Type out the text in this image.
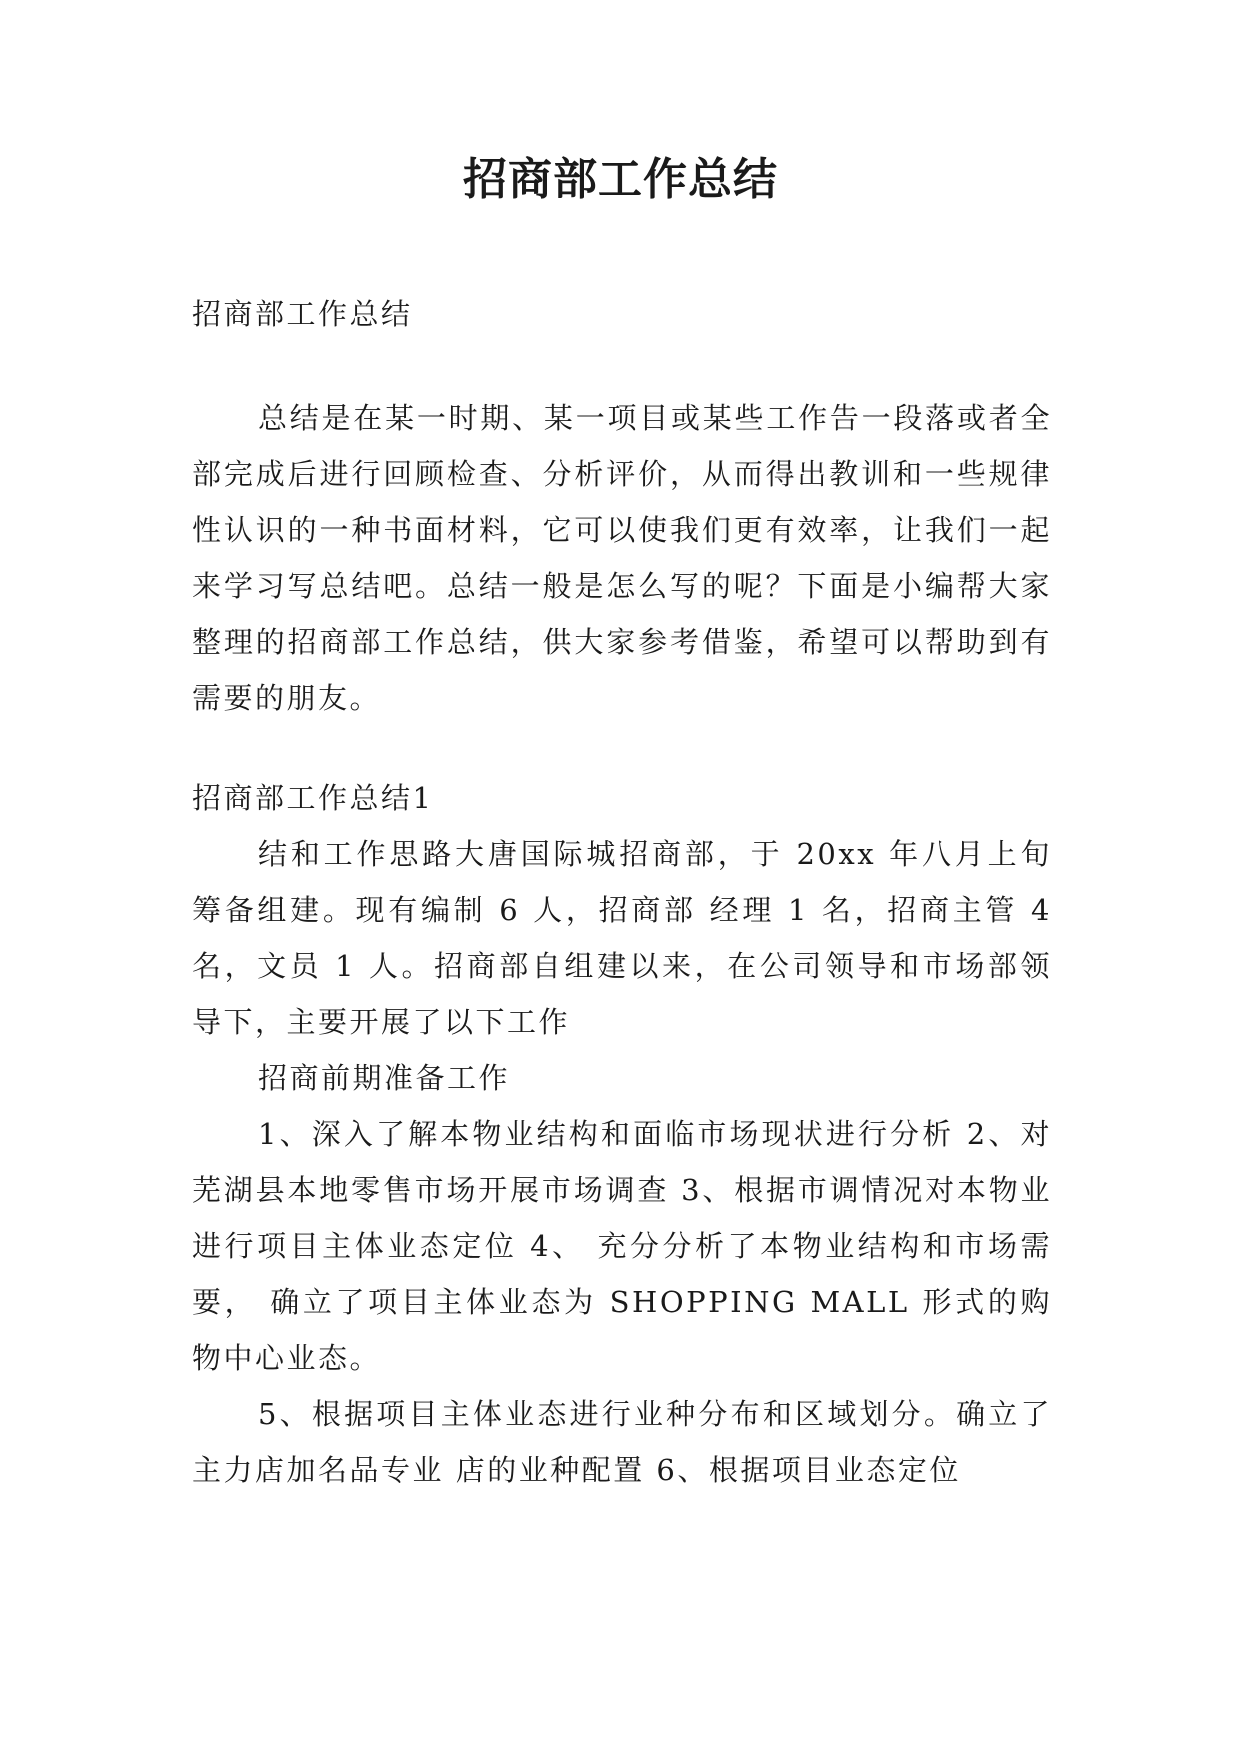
招商部工作总结

招商部工作总结

总结是在某一时期、某一项目或某些工作告一段落或者全部完成后进行回顾检查、分析评价，从而得出教训和一些规律性认识的一种书面材料，它可以使我们更有效率，让我们一起来学习写总结吧。总结一般是怎么写的呢？下面是小编帮大家整理的招商部工作总结，供大家参考借鉴，希望可以帮助到有需要的朋友。

招商部工作总结1

结和工作思路大唐国际城招商部，于 20xx 年八月上旬筹备组建。现有编制 6 人，招商部 经理 1 名，招商主管 4 名，文员 1 人。招商部自组建以来，在公司领导和市场部领导下，主要开展了以下工作

招商前期准备工作

1、深入了解本物业结构和面临市场现状进行分析 2、对芜湖县本地零售市场开展市场调查 3、根据市调情况对本物业进行项目主体业态定位 4、 充分分析了本物业结构和市场需要， 确立了项目主体业态为 SHOPPING MALL 形式的购物中心业态。

5、根据项目主体业态进行业种分布和区域划分。确立了主力店加名品专业 店的业种配置 6、根据项目业态定位
